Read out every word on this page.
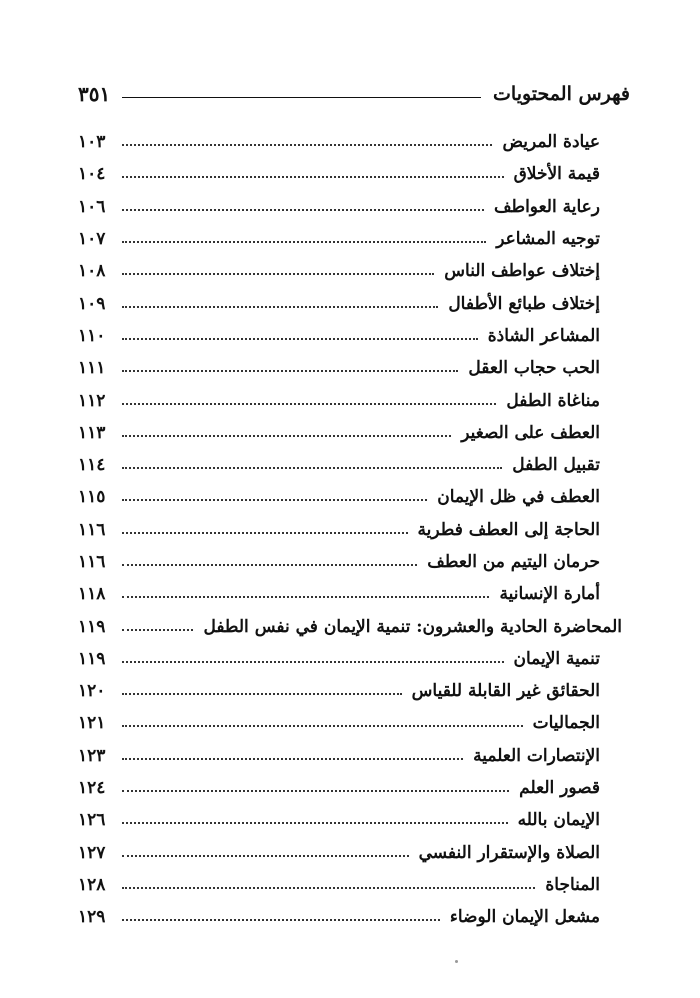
فهرس المحتويات
٣٥١
عيادة المريض
١٠٣
قيمة الأخلاق
١٠٤
رعاية العواطف
١٠٦
توجيه المشاعر
١٠٧
إختلاف عواطف الناس
١٠٨
إختلاف طبائع الأطفال
١٠٩
المشاعر الشاذة
١١٠
الحب حجاب العقل
١١١
مناغاة الطفل
١١٢
العطف على الصغير
١١٣
تقبيل الطفل
١١٤
العطف في ظل الإيمان
١١٥
الحاجة إلى العطف فطرية
١١٦
حرمان اليتيم من العطف
١١٦
أمارة الإنسانية
١١٨
المحاضرة الحادية والعشرون: تنمية الإيمان في نفس الطفل
١١٩
تنمية الإيمان
١١٩
الحقائق غير القابلة للقياس
١٢٠
الجماليات
١٢١
الإنتصارات العلمية
١٢٣
قصور العلم
١٢٤
الإيمان بالله
١٢٦
الصلاة والإستقرار النفسي
١٢٧
المناجاة
١٢٨
مشعل الإيمان الوضاء
١٢٩
